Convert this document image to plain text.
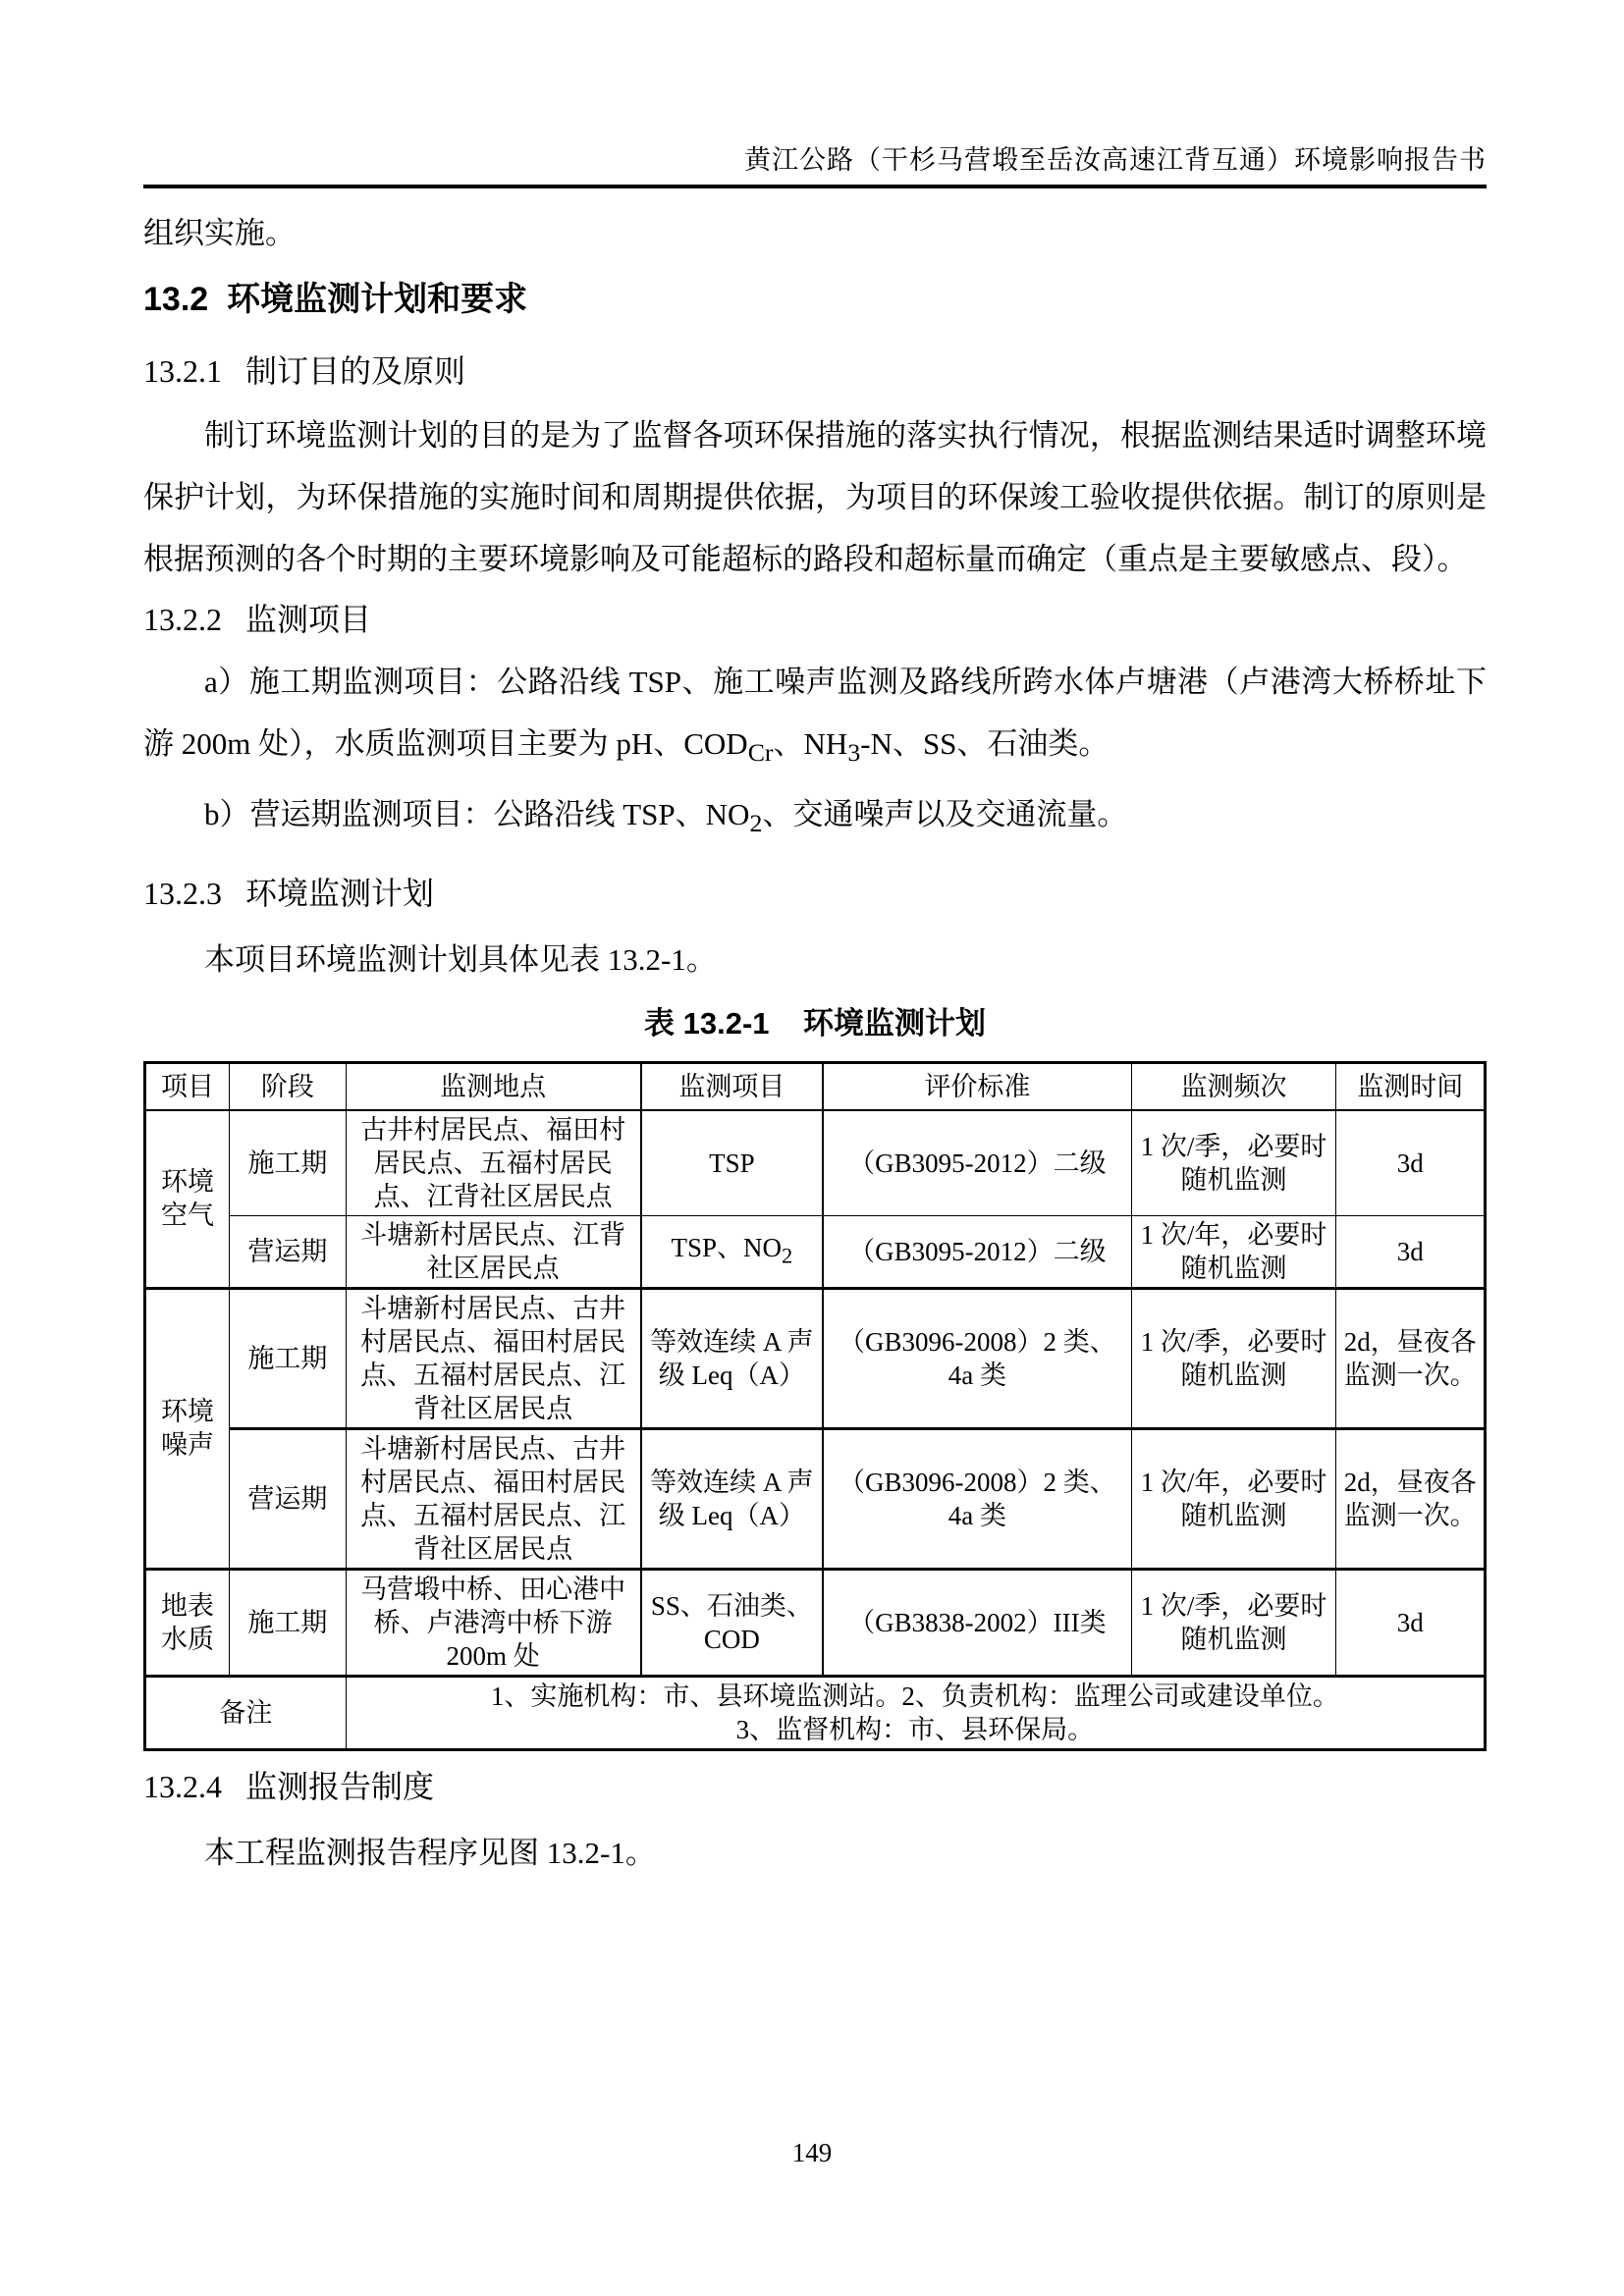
黄江公路（干杉马营塅至岳汝高速江背互通）环境影响报告书
组织实施。
13.2  环境监测计划和要求
13.2.1   制订目的及原则
制订环境监测计划的目的是为了监督各项环保措施的落实执行情况，根据监测结果适时调整环境保护计划，为环保措施的实施时间和周期提供依据，为项目的环保竣工验收提供依据。制订的原则是根据预测的各个时期的主要环境影响及可能超标的路段和超标量而确定（重点是主要敏感点、段）。
13.2.2   监测项目
a）施工期监测项目：公路沿线 TSP、施工噪声监测及路线所跨水体卢塘港（卢港湾大桥桥址下游 200m 处），水质监测项目主要为 pH、$COD_{Cr}$、$NH_3-N$、SS、石油类。
b）营运期监测项目：公路沿线 TSP、$NO_2$、交通噪声以及交通流量。
13.2.3   环境监测计划
本项目环境监测计划具体见表 13.2-1。
表 13.2-1    环境监测计划
项目	阶段	监测地点	监测项目	评价标准	监测频次	监测时间
环境空气	施工期	古井村居民点、福田村居民点、五福村居民点、江背社区居民点	TSP	（GB3095-2012）二级	1 次/季，必要时随机监测	3d
	营运期	斗塘新村居民点、江背社区居民点	TSP、$NO_2$	（GB3095-2012）二级	1 次/年，必要时随机监测	3d
环境噪声	施工期	斗塘新村居民点、古井村居民点、福田村居民点、五福村居民点、江背社区居民点	等效连续 A 声级 Leq（A）	（GB3096-2008）2 类、4a 类	1 次/季，必要时随机监测	2d，昼夜各监测一次。
	营运期	斗塘新村居民点、古井村居民点、福田村居民点、五福村居民点、江背社区居民点	等效连续 A 声级 Leq（A）	（GB3096-2008）2 类、4a 类	1 次/年，必要时随机监测	2d，昼夜各监测一次。
地表水质	施工期	马营塅中桥、田心港中桥、卢港湾中桥下游 200m 处	SS、石油类、COD	（GB3838-2002）III类	1 次/季，必要时随机监测	3d
备注		1、实施机构：市、县环境监测站。2、负责机构：监理公司或建设单位。
3、监督机构：市、县环保局。				
13.2.4   监测报告制度
本工程监测报告程序见图 13.2-1。
149
